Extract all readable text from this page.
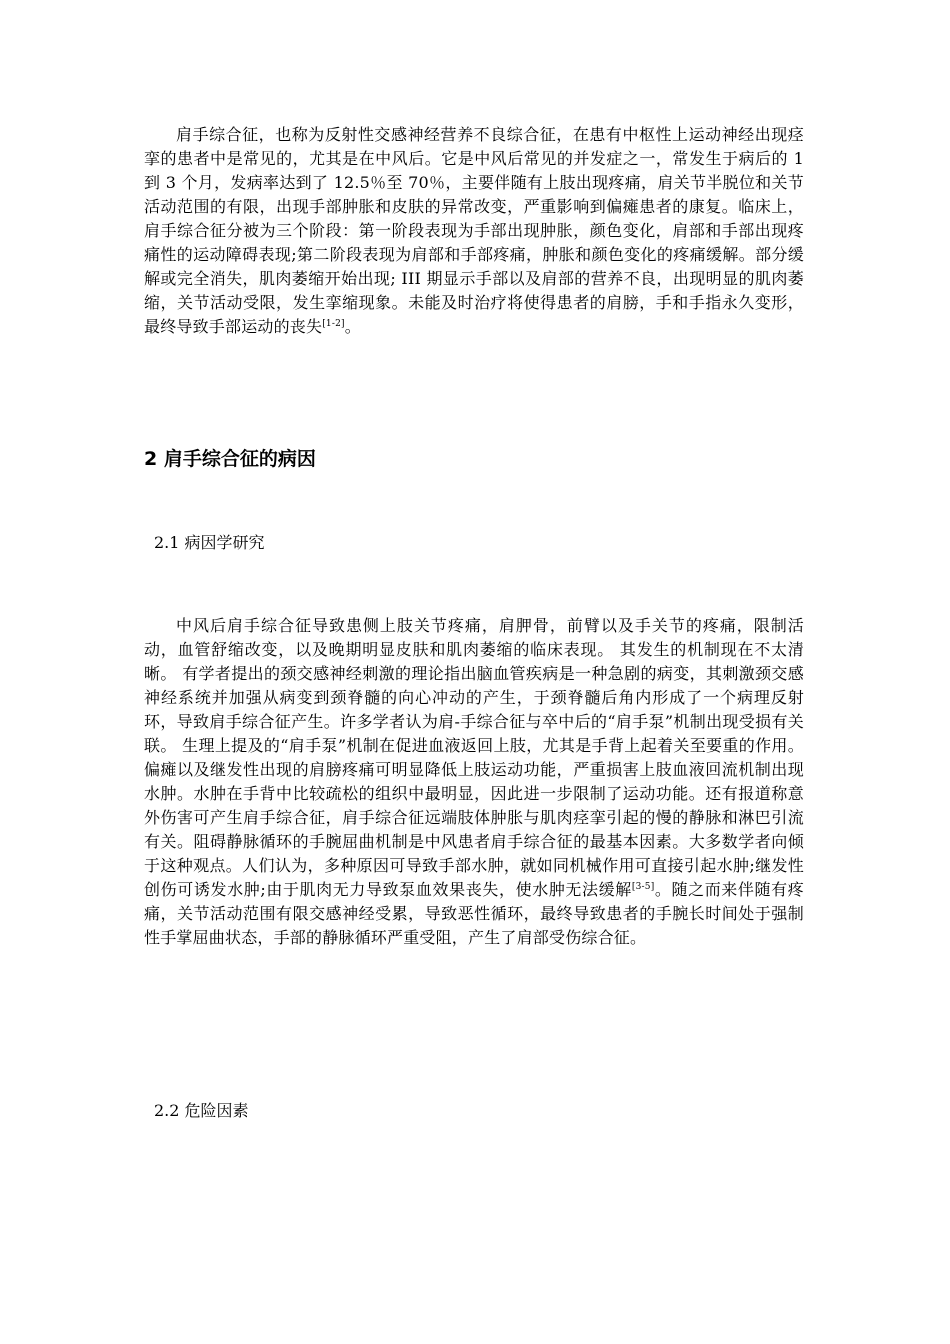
肩手综合征，也称为反射性交感神经营养不良综合征，在患有中枢性上运动神经出现痉挛的患者中是常见的，尤其是在中风后。它是中风后常见的并发症之一，常发生于病后的 1 到 3 个月，发病率达到了 12.5％至 70％，主要伴随有上肢出现疼痛，肩关节半脱位和关节活动范围的有限，出现手部肿胀和皮肤的异常改变，严重影响到偏瘫患者的康复。临床上，肩手综合征分被为三个阶段：第一阶段表现为手部出现肿胀，颜色变化，肩部和手部出现疼痛性的运动障碍表现;第二阶段表现为肩部和手部疼痛，肿胀和颜色变化的疼痛缓解。部分缓解或完全消失，肌肉萎缩开始出现; III 期显示手部以及肩部的营养不良，出现明显的肌肉萎缩，关节活动受限，发生挛缩现象。未能及时治疗将使得患者的肩膀，手和手指永久变形，最终导致手部运动的丧失[1-2]。

2 肩手综合征的病因
2.1 病因学研究

中风后肩手综合征导致患侧上肢关节疼痛，肩胛骨，前臂以及手关节的疼痛，限制活动，血管舒缩改变，以及晚期明显皮肤和肌肉萎缩的临床表现。 其发生的机制现在不太清晰。 有学者提出的颈交感神经刺激的理论指出脑血管疾病是一种急剧的病变，其刺激颈交感神经系统并加强从病变到颈脊髓的向心冲动的产生，于颈脊髓后角内形成了一个病理反射环，导致肩手综合征产生。许多学者认为肩-手综合征与卒中后的“肩手泵”机制出现受损有关联。 生理上提及的“肩手泵”机制在促进血液返回上肢，尤其是手背上起着关至要重的作用。偏瘫以及继发性出现的肩膀疼痛可明显降低上肢运动功能，严重损害上肢血液回流机制出现水肿。水肿在手背中比较疏松的组织中最明显，因此进一步限制了运动功能。还有报道称意外伤害可产生肩手综合征，肩手综合征远端肢体肿胀与肌肉痉挛引起的慢的静脉和淋巴引流有关。阻碍静脉循环的手腕屈曲机制是中风患者肩手综合征的最基本因素。大多数学者向倾于这种观点。人们认为，多种原因可导致手部水肿，就如同机械作用可直接引起水肿;继发性创伤可诱发水肿;由于肌肉无力导致泵血效果丧失，使水肿无法缓解[3-5]。随之而来伴随有疼痛，关节活动范围有限交感神经受累，导致恶性循环，最终导致患者的手腕长时间处于强制性手掌屈曲状态，手部的静脉循环严重受阻，产生了肩部受伤综合征。

2.2 危险因素
